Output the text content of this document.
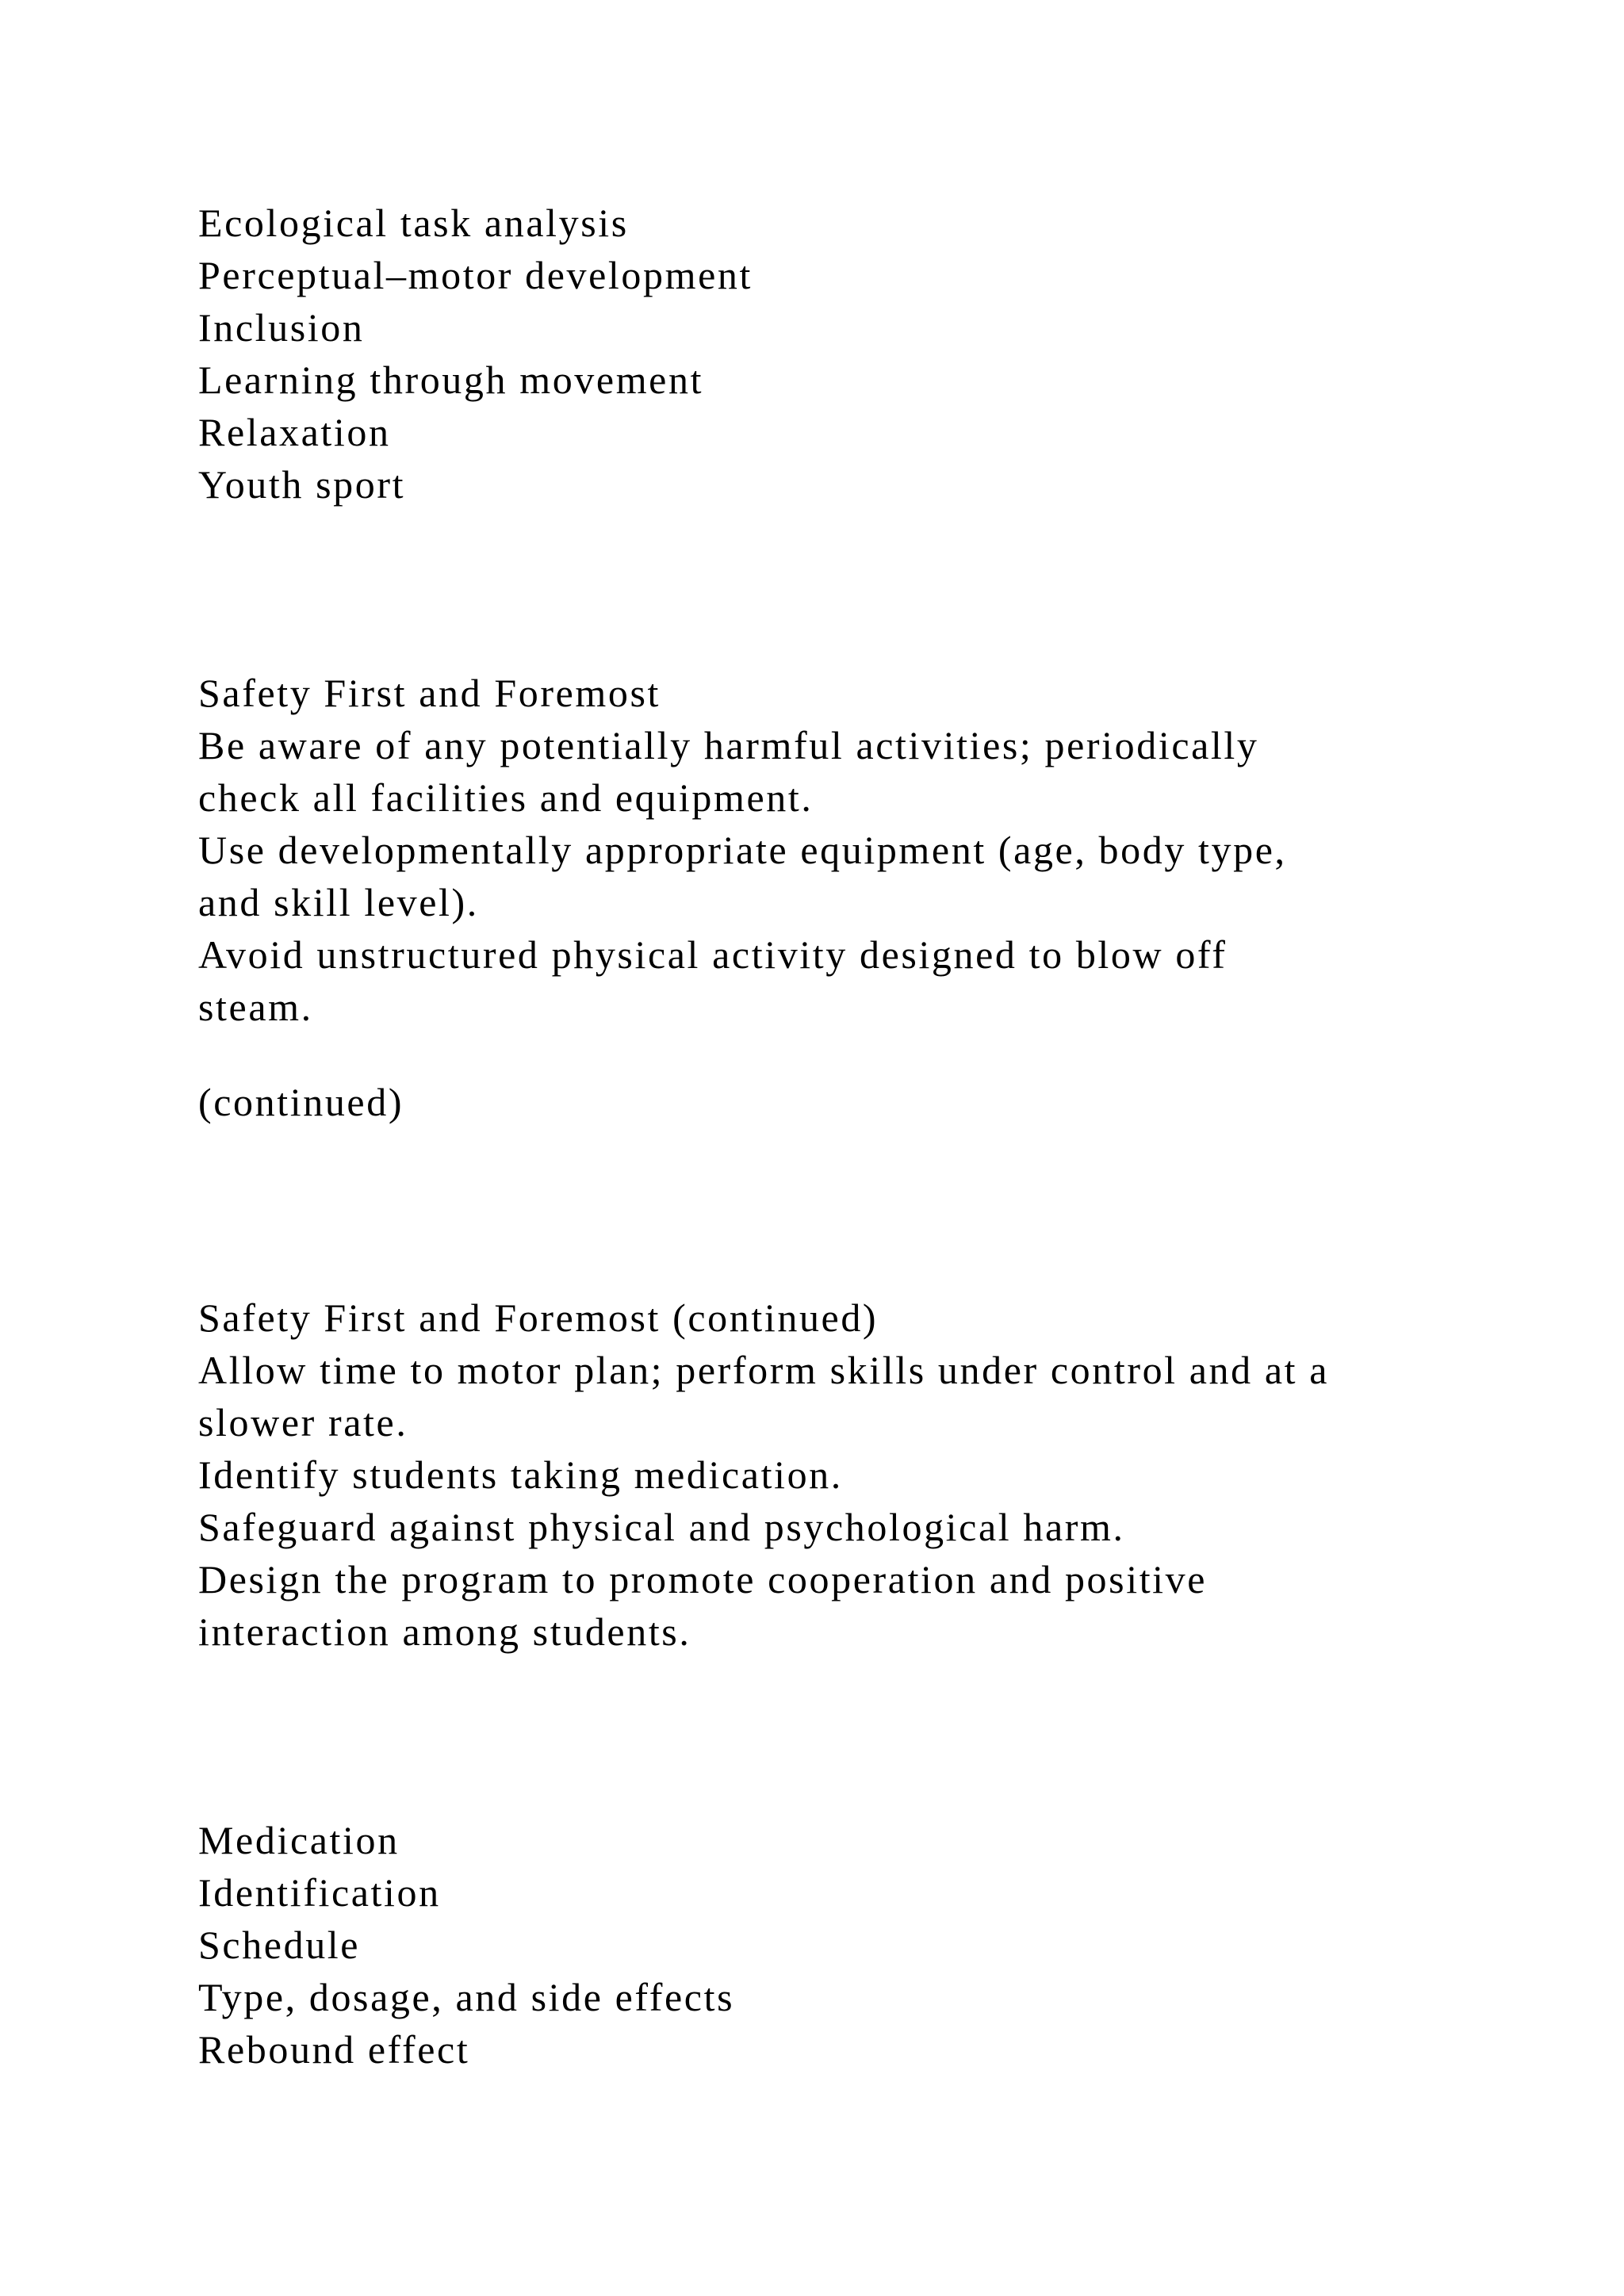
Ecological task analysis
Perceptual–motor development
Inclusion
Learning through movement
Relaxation
Youth sport
Safety First and Foremost
Be aware of any potentially harmful activities; periodically
check all facilities and equipment.
Use developmentally appropriate equipment (age, body type,
and skill level).
Avoid unstructured physical activity designed to blow off
steam.
(continued)
Safety First and Foremost (continued)
Allow time to motor plan; perform skills under control and at a
slower rate.
Identify students taking medication.
Safeguard against physical and psychological harm.
Design the program to promote cooperation and positive
interaction among students.
Medication
Identification
Schedule
Type, dosage, and side effects
Rebound effect
